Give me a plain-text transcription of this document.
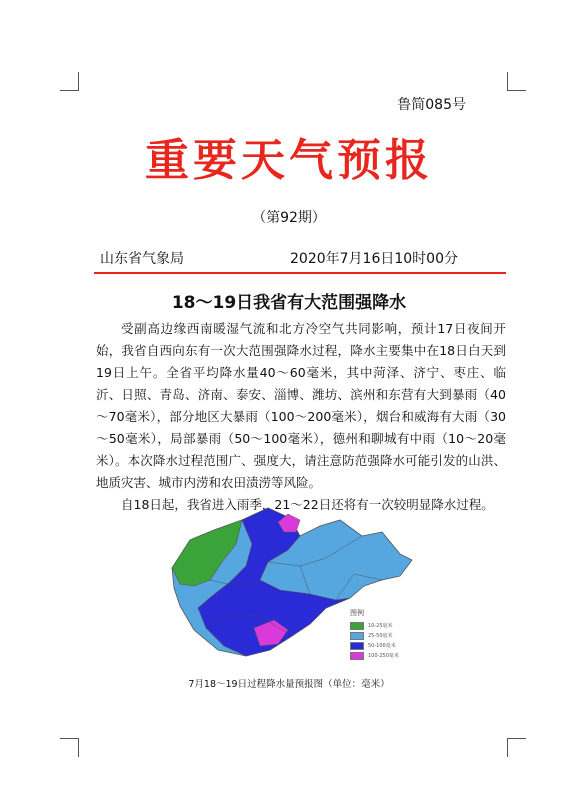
鲁简085号
重要天气预报
（第92期）
山东省气象局	2020年7月16日10时00分
18～19日我省有大范围强降水

受副高边缘西南暖湿气流和北方冷空气共同影响，预计17日夜间开始，我省自西向东有一次大范围强降水过程，降水主要集中在18日白天到19日上午。全省平均降水量40～60毫米，其中菏泽、济宁、枣庄、临沂、日照、青岛、济南、泰安、淄博、潍坊、滨州和东营有大到暴雨（40～70毫米），部分地区大暴雨（100～200毫米），烟台和威海有大雨（30～50毫米），局部暴雨（50～100毫米），德州和聊城有中雨（10～20毫米）。本次降水过程范围广、强度大，请注意防范强降水可能引发的山洪、地质灾害、城市内涝和农田渍涝等风险。

自18日起，我省进入雨季，21～22日还将有一次较明显降水过程。

图例
10-25毫米
25-50毫米
50-100毫米
100-250毫米
7月18～19日过程降水量预报图（单位：毫米）
